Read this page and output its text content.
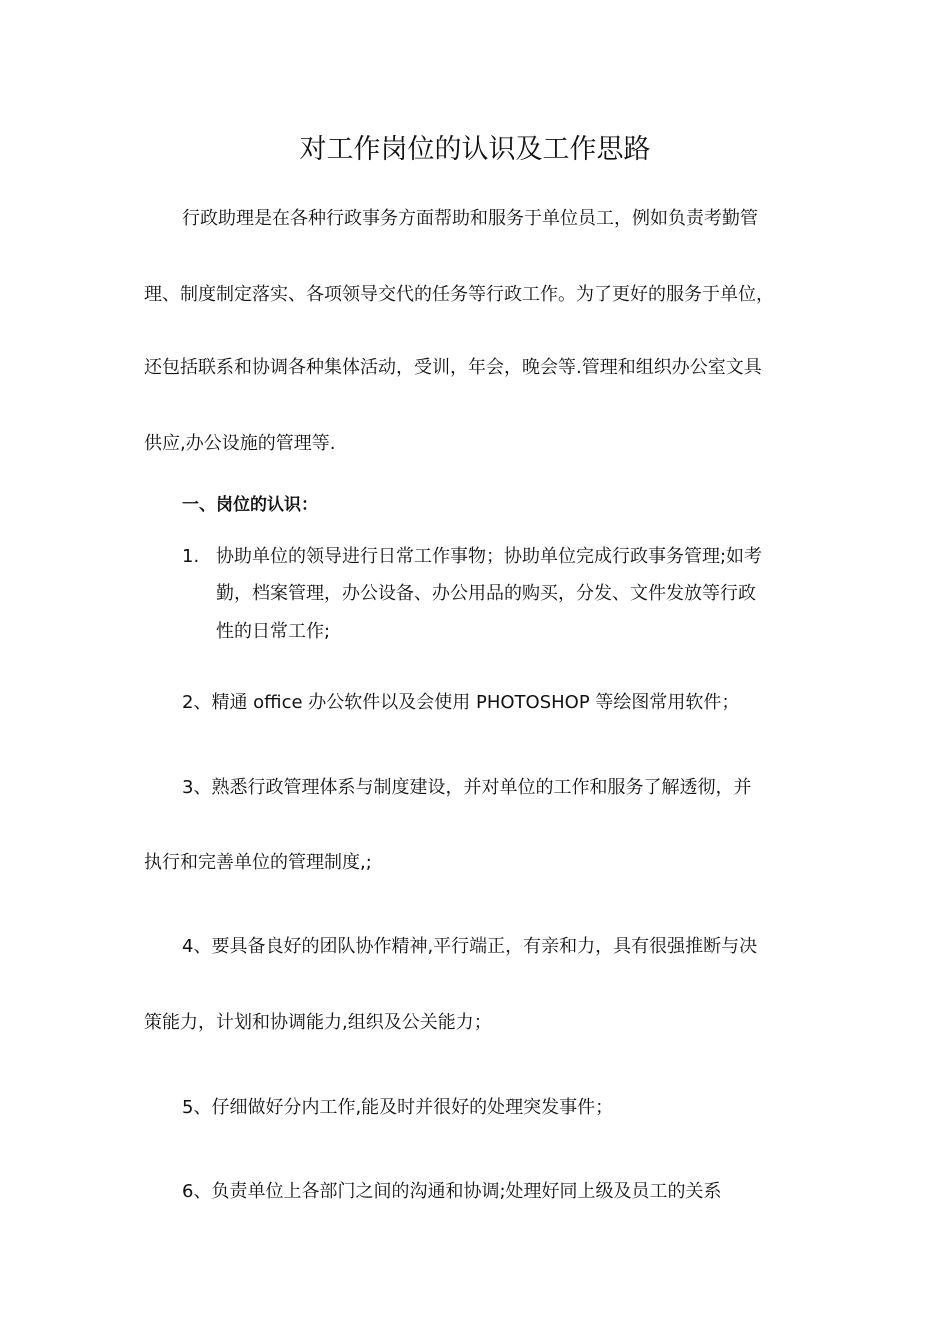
对工作岗位的认识及工作思路
行政助理是在各种行政事务方面帮助和服务于单位员工，例如负责考勤管
理、制度制定落实、各项领导交代的任务等行政工作。为了更好的服务于单位，
还包括联系和协调各种集体活动，受训，年会，晚会等.管理和组织办公室文具
供应,办公设施的管理等.
一、岗位的认识：
1. 协助单位的领导进行日常工作事物；协助单位完成行政事务管理;如考
勤，档案管理，办公设备、办公用品的购买，分发、文件发放等行政
性的日常工作;
2、精通 office 办公软件以及会使用 PHOTOSHOP 等绘图常用软件；
3、熟悉行政管理体系与制度建设，并对单位的工作和服务了解透彻，并
执行和完善单位的管理制度,;
4、要具备良好的团队协作精神,平行端正，有亲和力，具有很强推断与决
策能力，计划和协调能力,组织及公关能力；
5、仔细做好分内工作,能及时并很好的处理突发事件；
6、负责单位上各部门之间的沟通和协调;处理好同上级及员工的关系
